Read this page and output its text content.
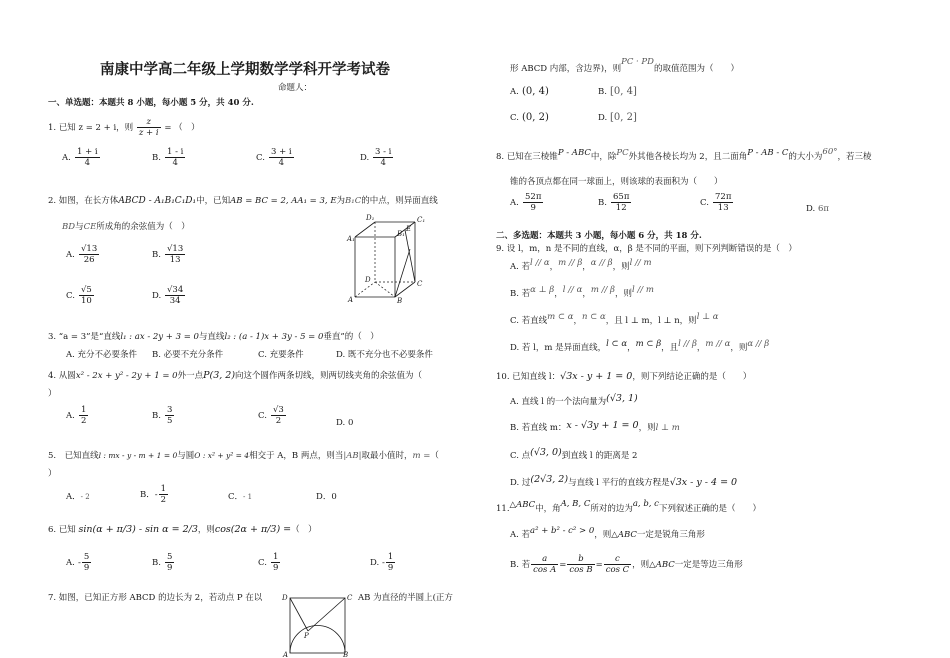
南康中学高二年级上学期数学学科开学考试卷
命题人：
一、单选题：本题共 8 小题，每小题 5 分，共 40 分.
1. 已知 z = 2 + i，则 $\frac{z}{z + i}$ = （　）
A. $\frac{1 + i}{4}$	B. $\frac{1 - i}{4}$	C. $\frac{3 + i}{4}$	D. $\frac{3 - i}{4}$
2. 如图，在长方体ABCD - A₁B₁C₁D₁中，已知AB = BC = 2, AA₁ = 3, E为B₁C的中点，则异面直线
BD与CE所成角的余弦值为（　）
A. $\frac{√13}{26}$	B. $\frac{√13}{13}$
C. $\frac{√5}{10}$	D. $\frac{√34}{34}$
D₁	C₁
A₁
B₁
E
D	C
A	B
3. “a = 3”是“直线l₁ : ax - 2y + 3 = 0与直线l₂ : (a - 1)x + 3y - 5 = 0垂直”的（　）
A. 充分不必要条件 B. 必要不充分条件	C. 充要条件	D. 既不充分也不必要条件
4. 从圆x² - 2x + y² - 2y + 1 = 0外一点P(3, 2)向这个圆作两条切线，则两切线夹角的余弦值为（
）
A. $\frac{1}{2}$	B. $\frac{3}{5}$	C. $\frac{√3}{2}$	D. 0
5.　已知直线l : mx - y - m + 1 = 0与圆O : x² + y² = 4相交于 A，B 两点，则当|AB|取最小值时，m =（
）
A．- 2	B．- $\frac{1}{2}$	C．- 1	D．0
6. 已知 sin(α + π/3) - sin α = 2/3，则cos(2α + π/3) =（　）
A. - $\frac{5}{9}$	B. $\frac{5}{9}$	C. $\frac{1}{9}$	D. - $\frac{1}{9}$
7. 如图，已知正方形 ABCD 的边长为 2，若动点 P 在以	AB 为直径的半圆上(正方
D	C
P
A	B
形 ABCD 内部，含边界)，则PC · PD的取值范围为（　　）
A. (0, 4)	B. [0, 4]
C. (0, 2)	D. [0, 2]
8. 已知在三棱锥P - ABC中，除PC外其他各棱长均为 2，且二面角P - AB - C的大小为60°，若三棱
锥的各顶点都在同一球面上，则该球的表面积为（　　）
A. $\frac{52\pi}{9}$	B. $\frac{65\pi}{12}$	C. $\frac{72\pi}{13}$	D. 6π
二、多选题：本题共 3 小题，每小题 6 分，共 18 分.
9. 设 l，m，n 是不同的直线，α，β 是不同的平面，则下列判断错误的是（　）
A. 若l // α，m // β，α // β，则l // m
B. 若α ⊥ β，l // α，m // β，则l // m
C. 若直线m ⊂ α，n ⊂ α，且 l ⊥ m，l ⊥ n，则l ⊥ α
D. 若 l，m 是异面直线，l ⊂ α，m ⊂ β，且l // β，m // α，则α // β
10. 已知直线 l：√3x - y + 1 = 0，则下列结论正确的是（　　）
A. 直线 l 的一个法向量为(√3, 1)
B. 若直线 m：x - √3y + 1 = 0，则l ⊥ m
C. 点(√3, 0)到直线 l 的距离是 2
D. 过(2√3, 2)与直线 l 平行的直线方程是√3x - y - 4 = 0
11.△ABC中，角A, B, C所对的边为a, b, c下列叙述正确的是（　　）
A. 若a² + b² - c² > 0，则△ABC一定是锐角三角形
B. 若 $\frac{a}{\text{cos A}} = \frac{b}{\text{cos B}} = \frac{c}{\text{cos C}}$ ，则△ABC一定是等边三角形
